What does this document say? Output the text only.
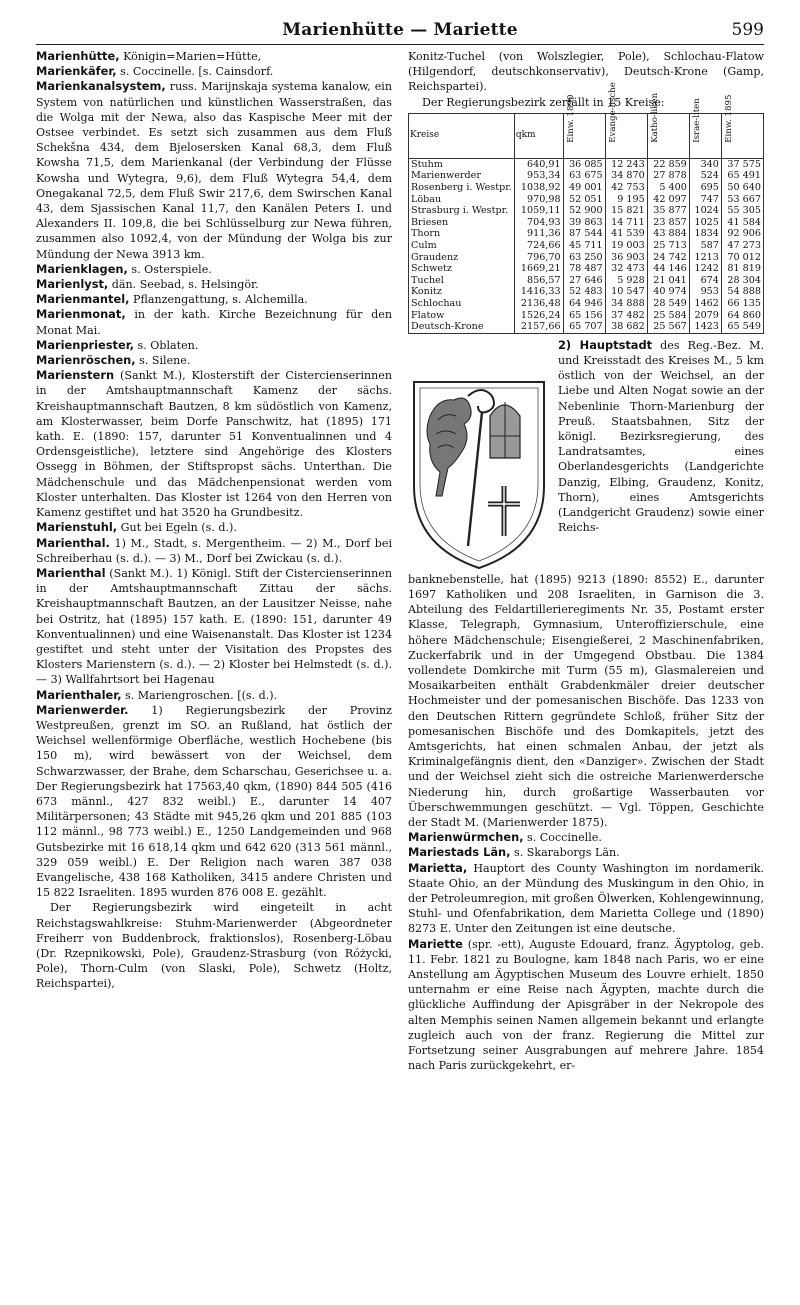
Marienhütte — Mariette	599

Marienhütte, Königin=Marien=Hütte,

Marienkäfer, s. Coccinelle. [s. Cainsdorf.

Marienkanalsystem, russ. Marijnskaja systema kanalow, ein System von natürlichen und künstlichen Wasserstraßen, das die Wolga mit der Newa, also das Kaspische Meer mit der Ostsee verbindet. Es setzt sich zusammen aus dem Fluß Schekšna 434, dem Bjelosersken Kanal 68,3, dem Fluß Kowsha 71,5, dem Marienkanal (der Verbindung der Flüsse Kowsha und Wytegra, 9,6), dem Fluß Wytegra 54,4, dem Onegakanal 72,5, dem Fluß Swir 217,6, dem Swirschen Kanal 43, dem Sjassischen Kanal 11,7, den Kanälen Peters I. und Alexanders II. 109,8, die bei Schlüsselburg zur Newa führen, zusammen also 1092,4, von der Mündung der Wolga bis zur Mündung der Newa 3913 km.

Marienklagen, s. Osterspiele.

Marienlyst, dän. Seebad, s. Helsingör.

Marienmantel, Pflanzengattung, s. Alchemilla.

Marienmonat, in der kath. Kirche Bezeichnung für den Monat Mai.

Marienpriester, s. Oblaten.

Marienröschen, s. Silene.

Marienstern (Sankt M.), Klosterstift der Cistercienserinnen in der Amtshauptmannschaft Kamenz der sächs. Kreishauptmannschaft Bautzen, 8 km südöstlich von Kamenz, am Klosterwasser, beim Dorfe Panschwitz, hat (1895) 171 kath. E. (1890: 157, darunter 51 Konventualinnen und 4 Ordensgeistliche), letztere sind Angehörige des Klosters Ossegg in Böhmen, der Stiftspropst sächs. Unterthan. Die Mädchenschule und das Mädchenpensionat werden vom Kloster unterhalten. Das Kloster ist 1264 von den Herren von Kamenz gestiftet und hat 3520 ha Grundbesitz.

Marienstuhl, Gut bei Egeln (s. d.).

Marienthal. 1) M., Stadt, s. Mergentheim. — 2) M., Dorf bei Schreiberhau (s. d.). — 3) M., Dorf bei Zwickau (s. d.).

Marienthal (Sankt M.). 1) Königl. Stift der Cistercienserinnen in der Amtshauptmannschaft Zittau der sächs. Kreishauptmannschaft Bautzen, an der Lausitzer Neisse, nahe bei Ostritz, hat (1895) 157 kath. E. (1890: 151, darunter 49 Konventualinnen) und eine Waisenanstalt. Das Kloster ist 1234 gestiftet und steht unter der Visitation des Propstes des Klosters Marienstern (s. d.). — 2) Kloster bei Helmstedt (s. d.). — 3) Wallfahrtsort bei Hagenau

Marienthaler, s. Mariengroschen. [(s. d.).

Marienwerder. 1) Regierungsbezirk der Provinz Westpreußen, grenzt im SO. an Rußland, hat östlich der Weichsel wellenförmige Oberfläche, westlich Hochebene (bis 150 m), wird bewässert von der Weichsel, dem Schwarzwasser, der Brahe, dem Scharschau, Geserichsee u. a. Der Regierungsbezirk hat 17563,40 qkm, (1890) 844 505 (416 673 männl., 427 832 weibl.) E., darunter 14 407 Militärpersonen; 43 Städte mit 945,26 qkm und 201 885 (103 112 männl., 98 773 weibl.) E., 1250 Landgemeinden und 968 Gutsbezirke mit 16 618,14 qkm und 642 620 (313 561 männl., 329 059 weibl.) E. Der Religion nach waren 387 038 Evangelische, 438 168 Katholiken, 3415 andere Christen und 15 822 Israeliten. 1895 wurden 876 008 E. gezählt.

Der Regierungsbezirk wird eingeteilt in acht Reichstagswahlkreise: Stuhm-Marienwerder (Abgeordneter Freiherr von Buddenbrock, fraktionslos), Rosenberg-Löbau (Dr. Rzepnikowski, Pole), Graudenz-Strasburg (von Różycki, Pole), Thorn-Culm (von Slaski, Pole), Schwetz (Holtz, Reichspartei),

Konitz-Tuchel (von Wolszlegier, Pole), Schlochau-Flatow (Hilgendorf, deutschkonservativ), Deutsch-Krone (Gamp, Reichspartei).

Der Regierungsbezirk zerfällt in 15 Kreise:

Kreise	qkm	Einw. 1890	Evange-lische	Katho-liken	Israe-liten	Einw. 1895
Stuhm	640,91	36 085	12 243	22 859	340	37 575
Marienwerder	953,34	63 675	34 870	27 878	524	65 491
Rosenberg i. Westpr.	1038,92	49 001	42 753	5 400	695	50 640
Löbau	970,98	52 051	9 195	42 097	747	53 667
Strasburg i. Westpr.	1059,11	52 900	15 821	35 877	1024	55 305
Briesen	704,93	39 863	14 711	23 857	1025	41 584
Thorn	911,36	87 544	41 539	43 884	1834	92 906
Culm	724,66	45 711	19 003	25 713	587	47 273
Graudenz	796,70	63 250	36 903	24 742	1213	70 012
Schwetz	1669,21	78 487	32 473	44 146	1242	81 819
Tuchel	856,57	27 646	5 928	21 041	674	28 304
Konitz	1416,33	52 483	10 547	40 974	953	54 888
Schlochau	2136,48	64 946	34 888	28 549	1462	66 135
Flatow	1526,24	65 156	37 482	25 584	2079	64 860
Deutsch-Krone	2157,66	65 707	38 682	25 567	1423	65 549

2) Hauptstadt des Reg.-Bez. M. und Kreisstadt des Kreises M., 5 km östlich von der Weichsel, an der Liebe und Alten Nogat sowie an der Nebenlinie Thorn-Marienburg der Preuß. Staatsbahnen, Sitz der königl. Bezirksregierung, des Landratsamtes, eines Oberlandesgerichts (Landgerichte Danzig, Elbing, Graudenz, Konitz, Thorn), eines Amtsgerichts (Landgericht Graudenz) sowie einer Reichs-

banknebenstelle, hat (1895) 9213 (1890: 8552) E., darunter 1697 Katholiken und 208 Israeliten, in Garnison die 3. Abteilung des Feldartillerieregiments Nr. 35, Postamt erster Klasse, Telegraph, Gymnasium, Unteroffizierschule, eine höhere Mädchenschule; Eisengießerei, 2 Maschinenfabriken, Zuckerfabrik und in der Umgegend Obstbau. Die 1384 vollendete Domkirche mit Turm (55 m), Glasmalereien und Mosaikarbeiten enthält Grabdenkmäler dreier deutscher Hochmeister und der pomesanischen Bischöfe. Das 1233 von den Deutschen Rittern gegründete Schloß, früher Sitz der pomesanischen Bischöfe und des Domkapitels, jetzt des Amtsgerichts, hat einen schmalen Anbau, der jetzt als Kriminalgefängnis dient, den «Danziger». Zwischen der Stadt und der Weichsel zieht sich die ostreiche Marienwerdersche Niederung hin, durch großartige Wasserbauten vor Überschwemmungen geschützt. — Vgl. Töppen, Geschichte der Stadt M. (Marienwerder 1875).

Marienwürmchen, s. Coccinelle.

Mariestads Län, s. Skaraborgs Län.

Marietta, Hauptort des County Washington im nordamerik. Staate Ohio, an der Mündung des Muskingum in den Ohio, in der Petroleumregion, mit großen Ölwerken, Kohlengewinnung, Stuhl- und Ofenfabrikation, dem Marietta College und (1890) 8273 E. Unter den Zeitungen ist eine deutsche.

Mariette (spr. -ett), Auguste Edouard, franz. Ägyptolog, geb. 11. Febr. 1821 zu Boulogne, kam 1848 nach Paris, wo er eine Anstellung am Ägyptischen Museum des Louvre erhielt. 1850 unternahm er eine Reise nach Ägypten, machte durch die glückliche Auffindung der Apisgräber in der Nekropole des alten Memphis seinen Namen allgemein bekannt und erlangte zugleich auch von der franz. Regierung die Mittel zur Fortsetzung seiner Ausgrabungen auf mehrere Jahre. 1854 nach Paris zurückgekehrt, er-
